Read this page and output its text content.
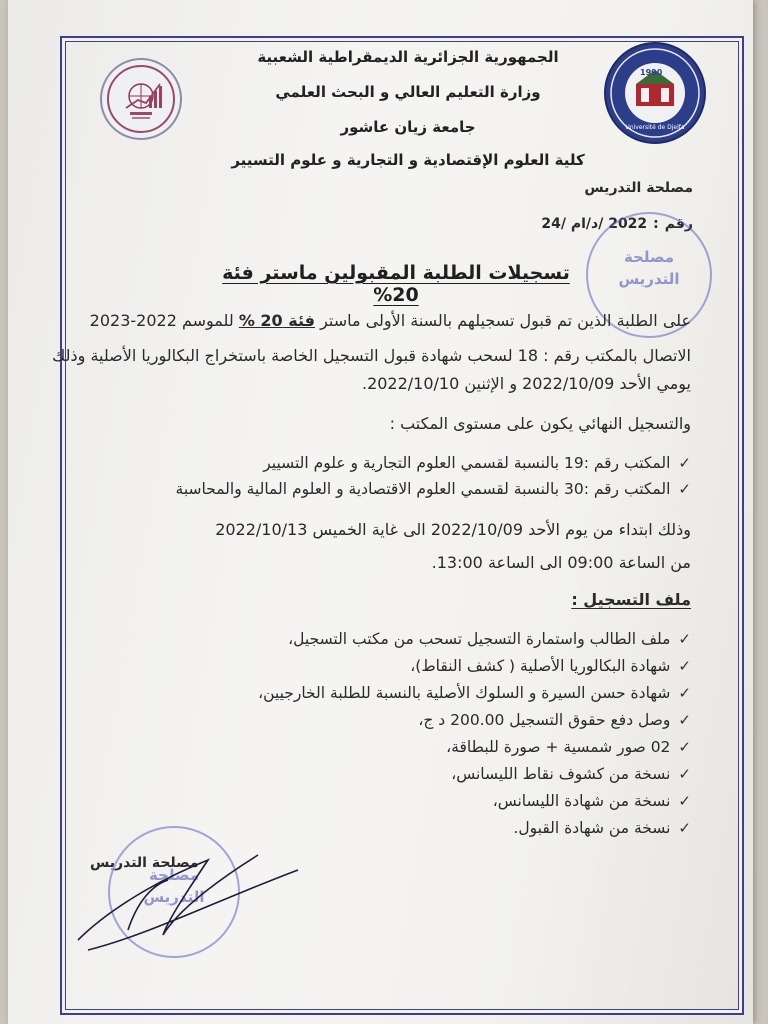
1990
Université de Djelfa
الجمهورية الجزائرية الديمقراطية الشعبية
وزارة التعليم العالي و البحث العلمي
جامعة زيان عاشور
كلية العلوم الإقتصادية و التجارية و علوم التسيير
مصلحة التدريس
رقم
:
2022 /د/ام /24
مصلحة
التدريس
تسجيلات الطلبة المقبولين ماستر فئة 20%
على الطلبة الذين تم قبول تسجيلهم بالسنة الأولى ماستر فئة 20 % للموسم 2022-2023
الاتصال بالمكتب رقم : 18 لسحب شهادة قبول التسجيل الخاصة باستخراج البكالوريا الأصلية وذلك
يومي الأحد 2022/10/09 و الإثنين 2022/10/10.
والتسجيل النهائي يكون على مستوى المكتب :
✓المكتب رقم :19 بالنسبة لقسمي العلوم التجارية و علوم التسيير
✓المكتب رقم :30 بالنسبة لقسمي العلوم الاقتصادية و العلوم المالية والمحاسبة
وذلك ابتداء من يوم الأحد 2022/10/09 الى غاية الخميس 2022/10/13
من الساعة 09:00 الى الساعة 13:00.
ملف التسجيل :
✓ملف الطالب واستمارة التسجيل تسحب من مكتب التسجيل،
✓شهادة البكالوريا الأصلية ( كشف النقاط)،
✓شهادة حسن السيرة و السلوك الأصلية بالنسبة للطلبة الخارجيين،
✓وصل دفع حقوق التسجيل 200.00 د ج،
✓02 صور شمسية + صورة للبطاقة،
✓نسخة من كشوف نقاط الليسانس،
✓نسخة من شهادة الليسانس،
✓نسخة من شهادة القبول.
مصلحة التدريس
مصلحة
التدريس
